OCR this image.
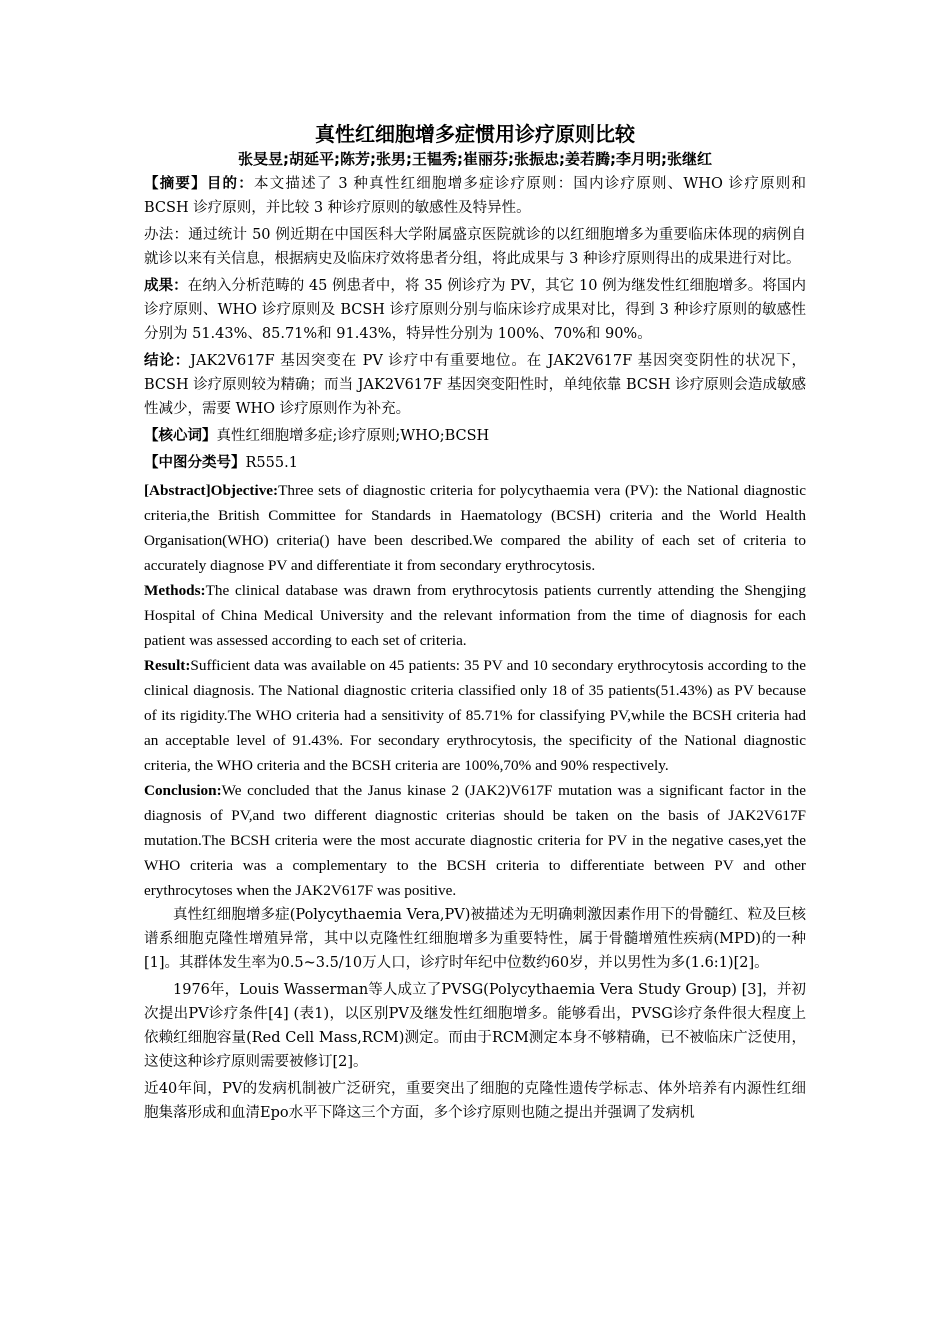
真性红细胞增多症惯用诊疗原则比较
张旻昱;胡延平;陈芳;张男;王韫秀;崔丽芬;张振忠;姜若腾;李月明;张继红

【摘要】目的：本文描述了 3 种真性红细胞增多症诊疗原则：国内诊疗原则、WHO 诊疗原则和 BCSH 诊疗原则，并比较 3 种诊疗原则的敏感性及特异性。

办法：通过统计 50 例近期在中国医科大学附属盛京医院就诊的以红细胞增多为重要临床体现的病例自就诊以来有关信息，根据病史及临床疗效将患者分组，将此成果与 3 种诊疗原则得出的成果进行对比。

成果：在纳入分析范畴的 45 例患者中，将 35 例诊疗为 PV，其它 10 例为继发性红细胞增多。将国内诊疗原则、WHO 诊疗原则及 BCSH 诊疗原则分别与临床诊疗成果对比，得到 3 种诊疗原则的敏感性分别为 51.43%、85.71%和 91.43%，特异性分别为 100%、70%和 90%。

结论：JAK2V617F 基因突变在 PV 诊疗中有重要地位。在 JAK2V617F 基因突变阴性的状况下，BCSH 诊疗原则较为精确；而当 JAK2V617F 基因突变阳性时，单纯依靠 BCSH 诊疗原则会造成敏感性减少，需要 WHO 诊疗原则作为补充。

【核心词】真性红细胞增多症;诊疗原则;WHO;BCSH

【中图分类号】R555.1

[Abstract]Objective:Three sets of diagnostic criteria for polycythaemia vera (PV): the National diagnostic criteria,the British Committee for Standards in Haematology (BCSH) criteria and the World Health Organisation(WHO) criteria() have been described.We compared the ability of each set of criteria to accurately diagnose PV and differentiate it from secondary erythrocytosis.

Methods:The clinical database was drawn from erythrocytosis patients currently attending the Shengjing Hospital of China Medical University and the relevant information from the time of diagnosis for each patient was assessed according to each set of criteria.

Result:Sufficient data was available on 45 patients: 35 PV and 10 secondary erythrocytosis according to the clinical diagnosis. The National diagnostic criteria classified only 18 of 35 patients(51.43%) as PV because of its rigidity.The WHO criteria had a sensitivity of 85.71% for classifying PV,while the BCSH criteria had an acceptable level of 91.43%. For secondary erythrocytosis, the specificity of the National diagnostic criteria, the WHO criteria and the BCSH criteria are 100%,70% and 90% respectively.

Conclusion:We concluded that the Janus kinase 2 (JAK2)V617F mutation was a significant factor in the diagnosis of PV,and two different diagnostic criterias should be taken on the basis of JAK2V617F mutation.The BCSH criteria were the most accurate diagnostic criteria for PV in the negative cases,yet the WHO criteria was a complementary to the BCSH criteria to differentiate between PV and other erythrocytoses when the JAK2V617F was positive.

真性红细胞增多症(Polycythaemia Vera,PV)被描述为无明确刺激因素作用下的骨髓红、粒及巨核谱系细胞克隆性增殖异常，其中以克隆性红细胞增多为重要特性，属于骨髓增殖性疾病(MPD)的一种[1]。其群体发生率为0.5~3.5/10万人口，诊疗时年纪中位数约60岁，并以男性为多(1.6:1)[2]。

1976年，Louis Wasserman等人成立了PVSG(Polycythaemia Vera Study Group) [3]，并初次提出PV诊疗条件[4] (表1)，以区别PV及继发性红细胞增多。能够看出，PVSG诊疗条件很大程度上依赖红细胞容量(Red Cell Mass,RCM)测定。而由于RCM测定本身不够精确，已不被临床广泛使用，这使这种诊疗原则需要被修订[2]。

近40年间，PV的发病机制被广泛研究，重要突出了细胞的克隆性遗传学标志、体外培养有内源性红细胞集落形成和血清Epo水平下降这三个方面，多个诊疗原则也随之提出并强调了发病机
